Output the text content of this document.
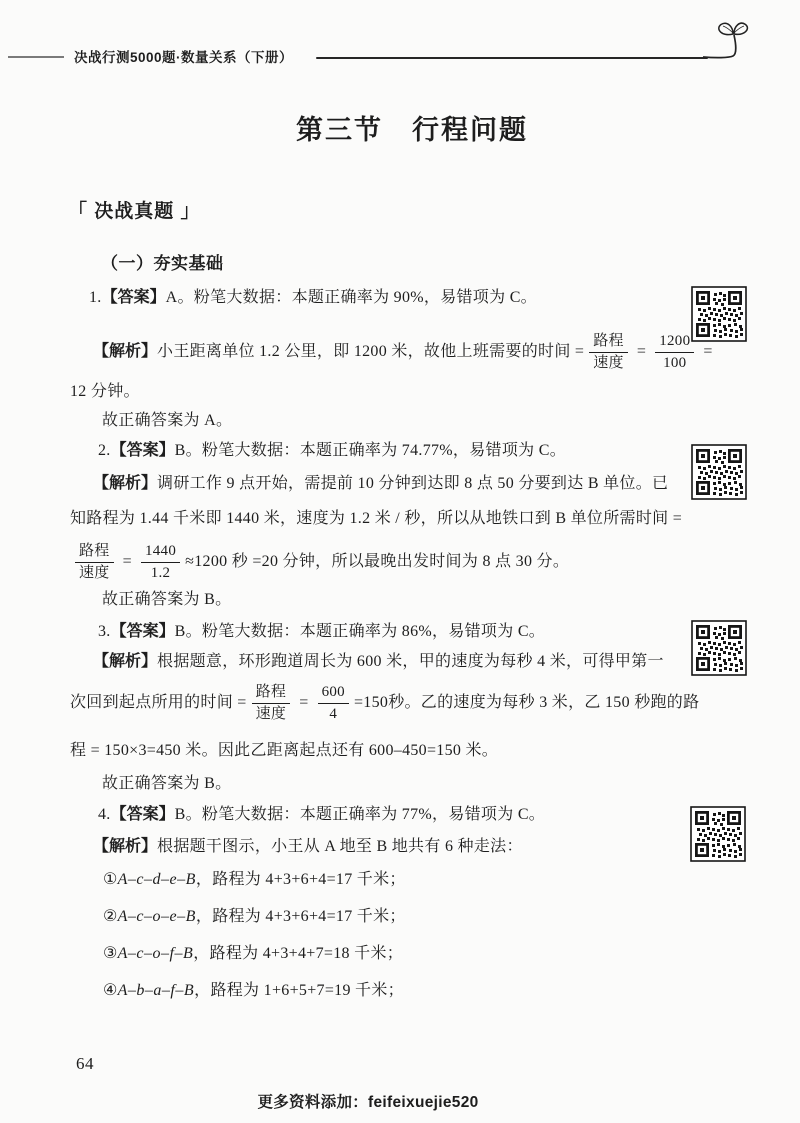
决战行测5000题·数量关系（下册）
第三节　行程问题
「 决战真题 」
（一）夯实基础
1.【答案】A。粉笔大数据：本题正确率为 90%，易错项为 C。
【解析】 小王距离单位 1.2 公里，即 1200 米，故他上班需要的时间 = $\frac{\text{路程}}{\text{速度}} = \frac{1200}{100}$ =
12 分钟。
故正确答案为 A。
2.【答案】B。粉笔大数据：本题正确率为 74.77%，易错项为 C。
【解析】调研工作 9 点开始，需提前 10 分钟到达即 8 点 50 分要到达 B 单位。已
知路程为 1.44 千米即 1440 米，速度为 1.2 米 / 秒，所以从地铁口到 B 单位所需时间 =
$\frac{\text{路程}}{\text{速度}} = \frac{1440}{1.2} \approx 1200$ 秒 =20 分钟，所以最晚出发时间为 8 点 30 分。
故正确答案为 B。
3.【答案】B。粉笔大数据：本题正确率为 86%，易错项为 C。
【解析】根据题意，环形跑道周长为 600 米，甲的速度为每秒 4 米，可得甲第一
次回到起点所用的时间 = $\frac{\text{路程}}{\text{速度}} = \frac{600}{4} =150$秒。乙的速度为每秒 3 米，乙 150 秒跑的路
程 = 150×3=450 米。因此乙距离起点还有 600–450=150 米。
故正确答案为 B。
4.【答案】B。粉笔大数据：本题正确率为 77%，易错项为 C。
【解析】根据题干图示，小王从 A 地至 B 地共有 6 种走法：
①A–c–d–e–B，路程为 4+3+6+4=17 千米；
②A–c–o–e–B，路程为 4+3+6+4=17 千米；
③A–c–o–f–B，路程为 4+3+4+7=18 千米；
④A–b–a–f–B，路程为 1+6+5+7=19 千米；
64
更多资料添加：feifeixuejie520
